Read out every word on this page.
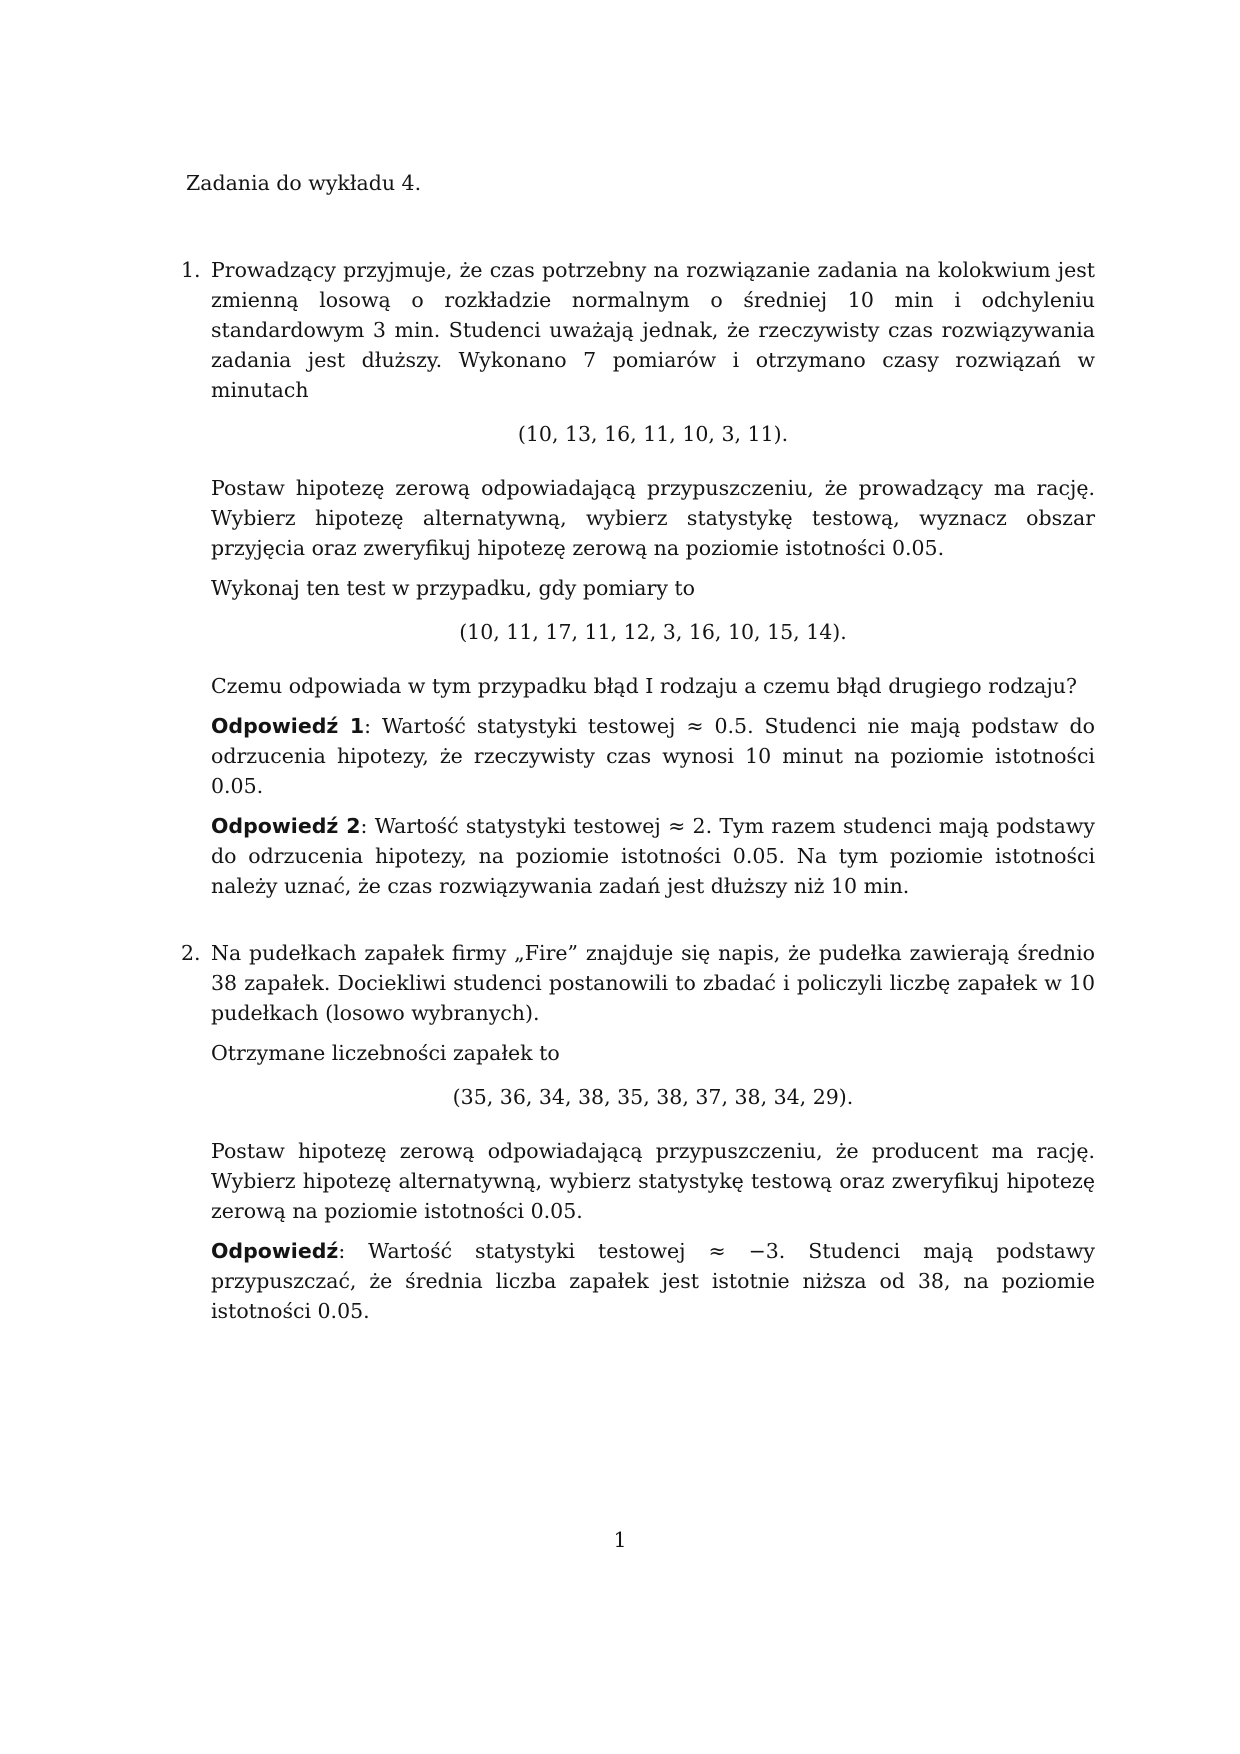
Zadania do wykładu 4.
1. Prowadzący przyjmuje, że czas potrzebny na rozwiązanie zadania na kolokwium jest zmienną losową o rozkładzie normalnym o średniej 10 min i odchyleniu standardowym 3 min. Studenci uważają jednak, że rzeczywisty czas rozwiązywania zadania jest dłuższy. Wykonano 7 pomiarów i otrzymano czasy rozwiązań w minutach

(10, 13, 16, 11, 10, 3, 11).

Postaw hipotezę zerową odpowiadającą przypuszczeniu, że prowadzący ma rację. Wybierz hipotezę alternatywną, wybierz statystykę testową, wyznacz obszar przyjęcia oraz zweryfikuj hipotezę zerową na poziomie istotności 0.05.

Wykonaj ten test w przypadku, gdy pomiary to

(10, 11, 17, 11, 12, 3, 16, 10, 15, 14).

Czemu odpowiada w tym przypadku błąd I rodzaju a czemu błąd drugiego rodzaju?

Odpowiedź 1: Wartość statystyki testowej ≈ 0.5. Studenci nie mają podstaw do odrzucenia hipotezy, że rzeczywisty czas wynosi 10 minut na poziomie istotności 0.05.

Odpowiedź 2: Wartość statystyki testowej ≈ 2. Tym razem studenci mają podstawy do odrzucenia hipotezy, na poziomie istotności 0.05. Na tym poziomie istotności należy uznać, że czas rozwiązywania zadań jest dłuższy niż 10 min.

2. Na pudełkach zapałek firmy „Fire” znajduje się napis, że pudełka zawierają średnio 38 zapałek. Dociekliwi studenci postanowili to zbadać i policzyli liczbę zapałek w 10 pudełkach (losowo wybranych).

Otrzymane liczebności zapałek to

(35, 36, 34, 38, 35, 38, 37, 38, 34, 29).

Postaw hipotezę zerową odpowiadającą przypuszczeniu, że producent ma rację. Wybierz hipotezę alternatywną, wybierz statystykę testową oraz zweryfikuj hipotezę zerową na poziomie istotności 0.05.

Odpowiedź: Wartość statystyki testowej ≈ −3. Studenci mają podstawy przypuszczać, że średnia liczba zapałek jest istotnie niższa od 38, na poziomie istotności 0.05.

1
